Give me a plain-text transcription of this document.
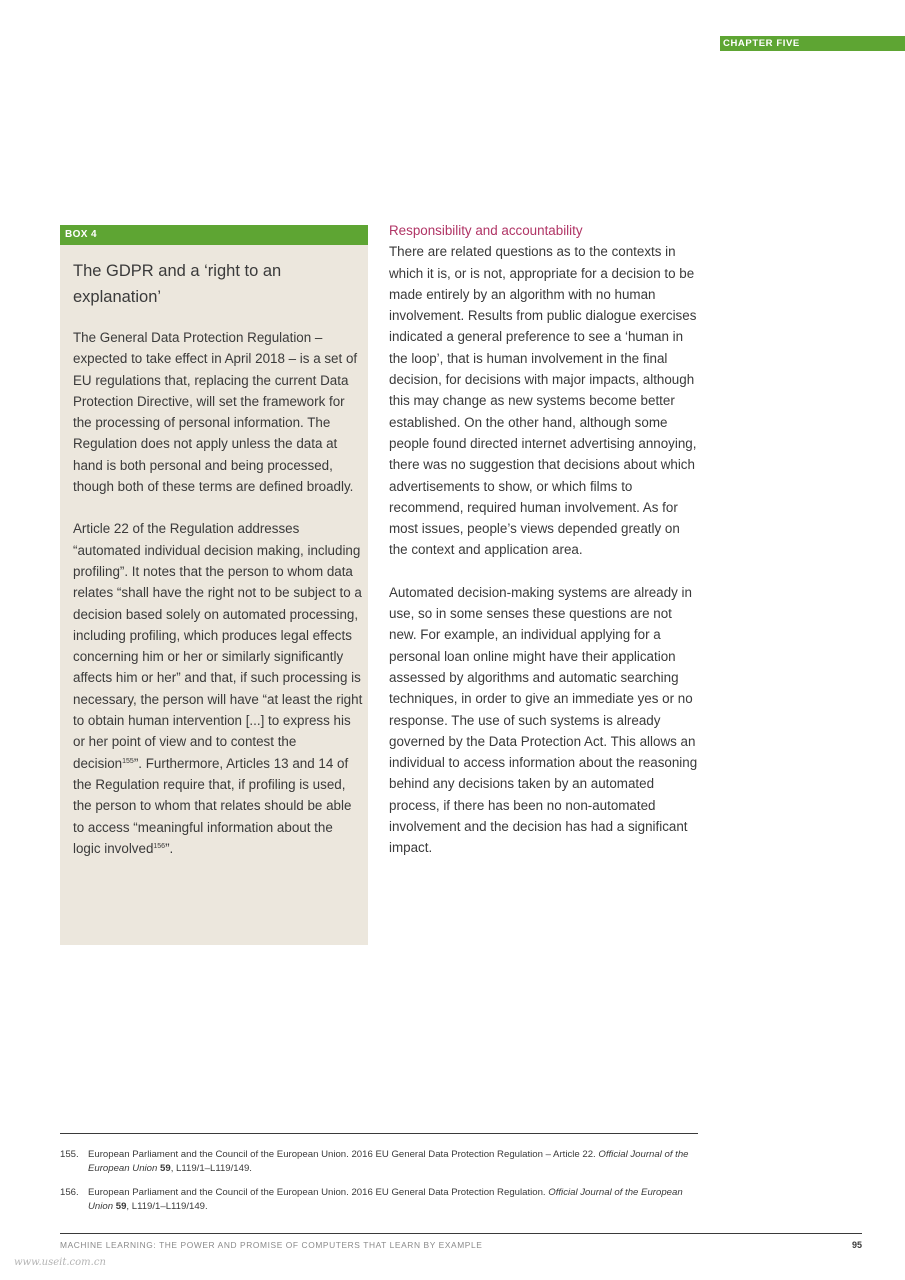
CHAPTER FIVE
BOX 4
The GDPR and a ‘right to an explanation’

The General Data Protection Regulation – expected to take effect in April 2018 – is a set of EU regulations that, replacing the current Data Protection Directive, will set the framework for the processing of personal information. The Regulation does not apply unless the data at hand is both personal and being processed, though both of these terms are defined broadly.

Article 22 of the Regulation addresses “automated individual decision making, including profiling”. It notes that the person to whom data relates “shall have the right not to be subject to a decision based solely on automated processing, including profiling, which produces legal effects concerning him or her or similarly significantly affects him or her” and that, if such processing is necessary, the person will have “at least the right to obtain human intervention [...] to express his or her point of view and to contest the decision$^{155}$”. Furthermore, Articles 13 and 14 of the Regulation require that, if profiling is used, the person to whom that relates should be able to access “meaningful information about the logic involved$^{156}$”.

Responsibility and accountability

There are related questions as to the contexts in which it is, or is not, appropriate for a decision to be made entirely by an algorithm with no human involvement. Results from public dialogue exercises indicated a general preference to see a ‘human in the loop’, that is human involvement in the final decision, for decisions with major impacts, although this may change as new systems become better established. On the other hand, although some people found directed internet advertising annoying, there was no suggestion that decisions about which advertisements to show, or which films to recommend, required human involvement. As for most issues, people’s views depended greatly on the context and application area.

Automated decision-making systems are already in use, so in some senses these questions are not new. For example, an individual applying for a personal loan online might have their application assessed by algorithms and automatic searching techniques, in order to give an immediate yes or no response. The use of such systems is already governed by the Data Protection Act. This allows an individual to access information about the reasoning behind any decisions taken by an automated process, if there has been no non-automated involvement and the decision has had a significant impact.

155. European Parliament and the Council of the European Union. 2016 EU General Data Protection Regulation – Article 22. Official Journal of the European Union 59, L119/1–L119/149.
156. European Parliament and the Council of the European Union. 2016 EU General Data Protection Regulation. Official Journal of the European Union 59, L119/1–L119/149.
MACHINE LEARNING: THE POWER AND PROMISE OF COMPUTERS THAT LEARN BY EXAMPLE	95
www.useit.com.cn
